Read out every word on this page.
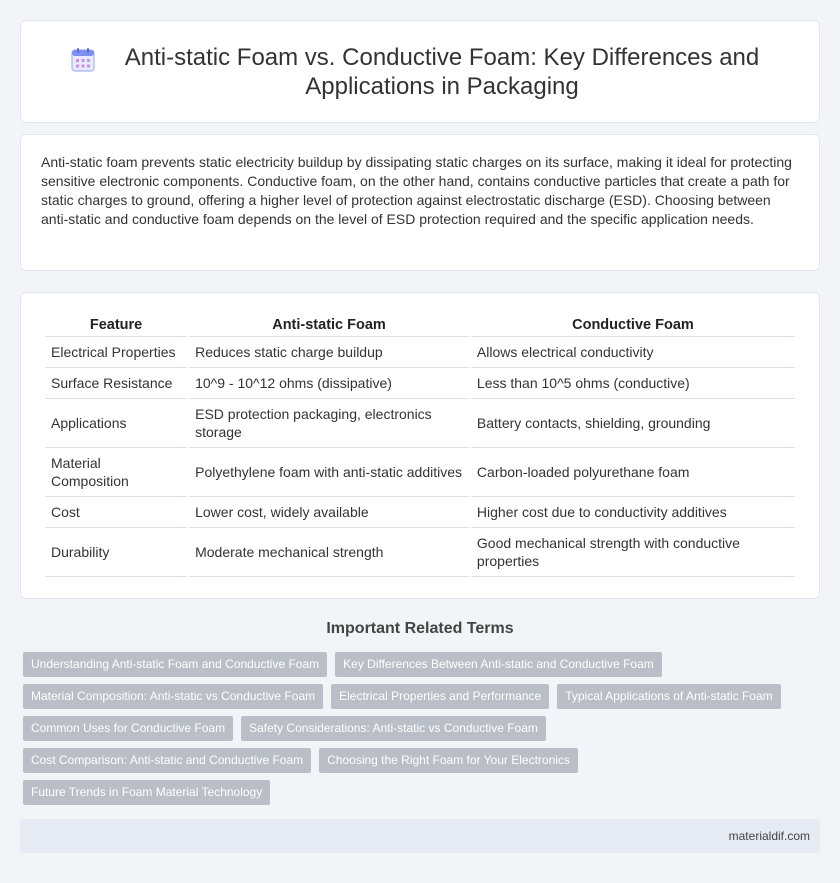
Anti-static Foam vs. Conductive Foam: Key Differences and Applications in Packaging

Anti-static foam prevents static electricity buildup by dissipating static charges on its surface, making it ideal for protecting sensitive electronic components. Conductive foam, on the other hand, contains conductive particles that create a path for static charges to ground, offering a higher level of protection against electrostatic discharge (ESD). Choosing between anti-static and conductive foam depends on the level of ESD protection required and the specific application needs.

Feature	Anti-static Foam	Conductive Foam
Electrical Properties	Reduces static charge buildup	Allows electrical conductivity
Surface Resistance	10^9 - 10^12 ohms (dissipative)	Less than 10^5 ohms (conductive)
Applications	ESD protection packaging, electronics storage	Battery contacts, shielding, grounding
Material Composition	Polyethylene foam with anti-static additives	Carbon-loaded polyurethane foam
Cost	Lower cost, widely available	Higher cost due to conductivity additives
Durability	Moderate mechanical strength	Good mechanical strength with conductive properties
Important Related Terms
Understanding Anti-static Foam and Conductive Foam	Key Differences Between Anti-static and Conductive Foam
Material Composition: Anti-static vs Conductive Foam	Electrical Properties and Performance	Typical Applications of Anti-static Foam
Common Uses for Conductive Foam	Safety Considerations: Anti-static vs Conductive Foam
Cost Comparison: Anti-static and Conductive Foam	Choosing the Right Foam for Your Electronics
Future Trends in Foam Material Technology
materialdif.com
